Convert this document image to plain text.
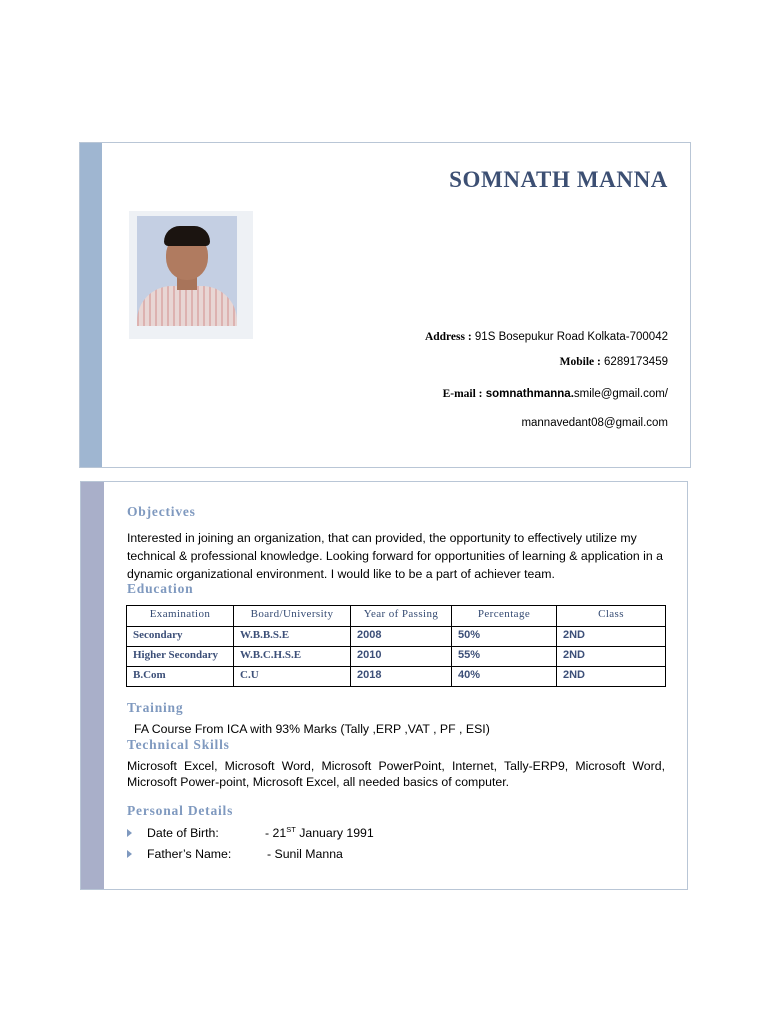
SOMNATH MANNA
Address : 91S Bosepukur Road Kolkata-700042
Mobile : 6289173459
E-mail : somnathmanna.smile@gmail.com/
mannavedant08@gmail.com
Objectives
Interested in joining an organization, that can provided, the opportunity to effectively utilize my technical & professional knowledge. Looking forward for opportunities of learning & application in a dynamic organizational environment. I would like to be a part of achiever team.
Education
Examination	Board/University	Year of Passing	Percentage	Class
Secondary	W.B.B.S.E	2008	50%	2ND
Higher Secondary	W.B.C.H.S.E	2010	55%	2ND
B.Com	C.U	2018	40%	2ND
Training
FA Course From ICA with 93% Marks (Tally ,ERP ,VAT , PF , ESI)
Technical Skills
Microsoft Excel, Microsoft Word, Microsoft PowerPoint, Internet, Tally-ERP9, Microsoft Word, Microsoft Power-point, Microsoft Excel, all needed basics of computer.
Personal Details
Date of Birth:	- 21ST January 1991
Father’s Name:	- Sunil Manna
